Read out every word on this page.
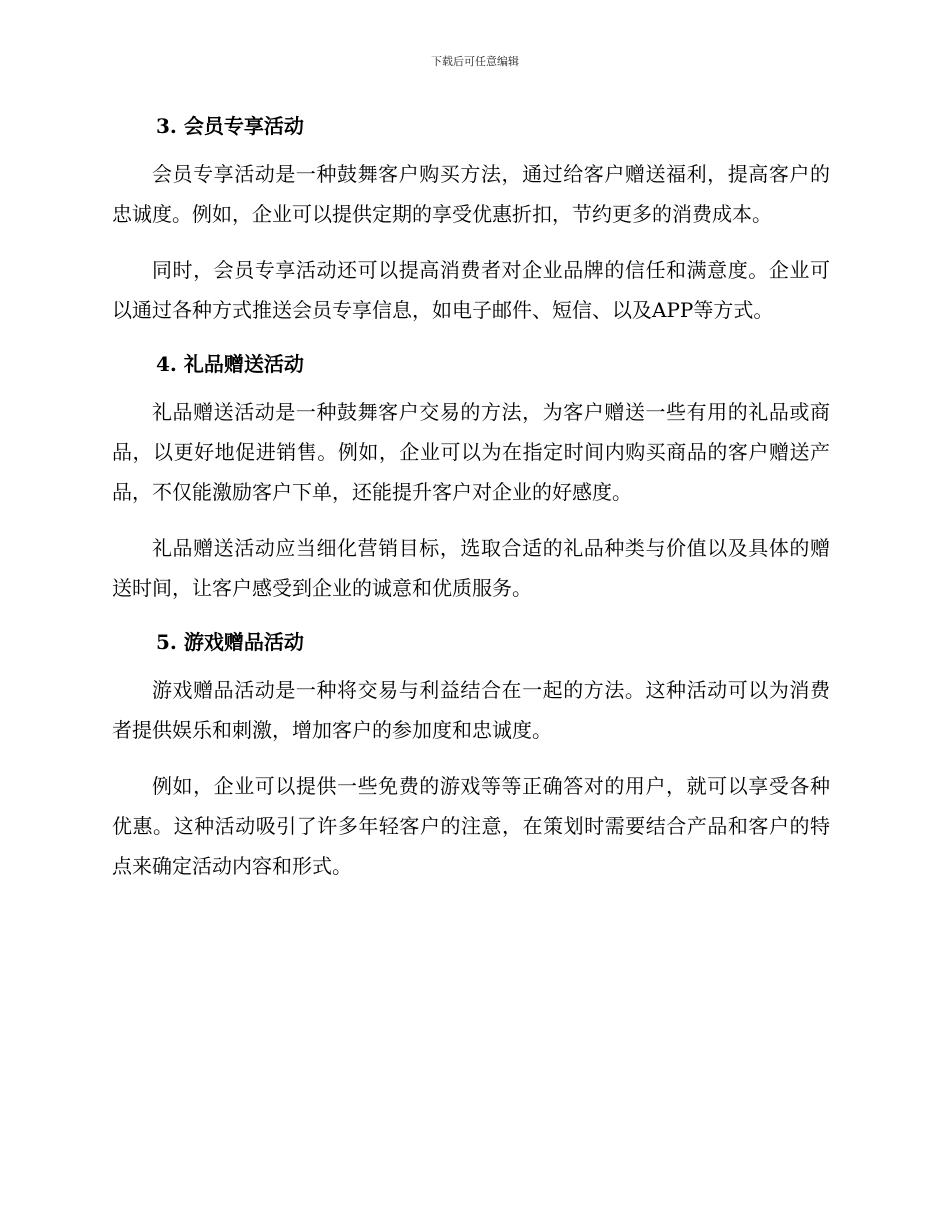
下载后可任意编辑
3. 会员专享活动

会员专享活动是一种鼓舞客户购买方法，通过给客户赠送福利，提高客户的忠诚度。例如，企业可以提供定期的享受优惠折扣，节约更多的消费成本。

同时，会员专享活动还可以提高消费者对企业品牌的信任和满意度。企业可以通过各种方式推送会员专享信息，如电子邮件、短信、以及APP等方式。

4. 礼品赠送活动

礼品赠送活动是一种鼓舞客户交易的方法，为客户赠送一些有用的礼品或商品，以更好地促进销售。例如，企业可以为在指定时间内购买商品的客户赠送产品，不仅能激励客户下单，还能提升客户对企业的好感度。

礼品赠送活动应当细化营销目标，选取合适的礼品种类与价值以及具体的赠送时间，让客户感受到企业的诚意和优质服务。

5. 游戏赠品活动

游戏赠品活动是一种将交易与利益结合在一起的方法。这种活动可以为消费者提供娱乐和刺激，增加客户的参加度和忠诚度。

例如，企业可以提供一些免费的游戏等等正确答对的用户，就可以享受各种优惠。这种活动吸引了许多年轻客户的注意，在策划时需要结合产品和客户的特点来确定活动内容和形式。
